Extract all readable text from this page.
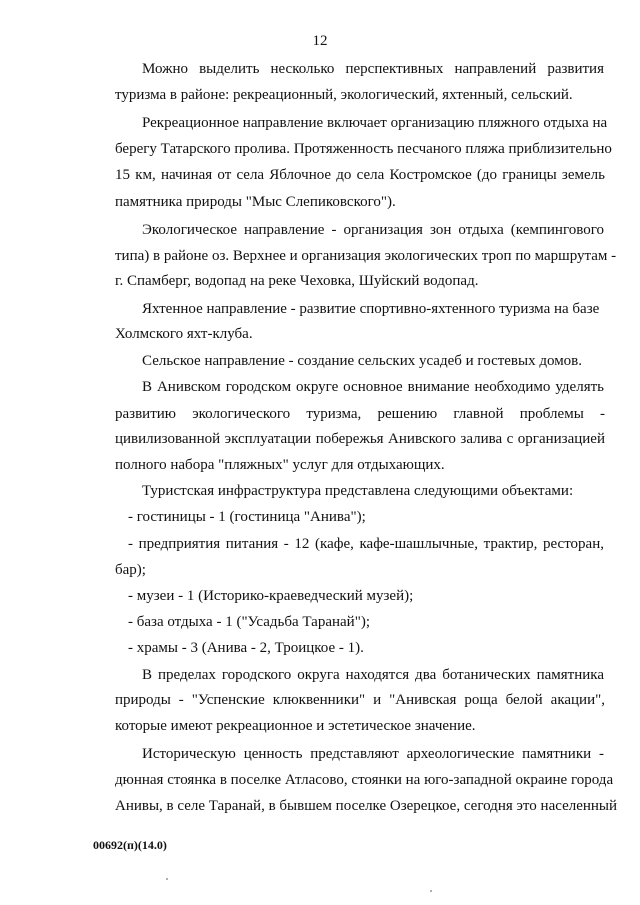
12
Можно выделить несколько перспективных направлений развития
туризма в районе: рекреационный, экологический, яхтенный, сельский.
Рекреационное направление включает организацию пляжного отдыха на
берегу Татарского пролива. Протяженность песчаного пляжа приблизительно
15 км, начиная от села Яблочное до села Костромское (до границы земель
памятника природы "Мыс Слепиковского").
Экологическое направление - организация зон отдыха (кемпингового
типа) в районе оз. Верхнее и организация экологических троп по маршрутам -
г. Спамберг, водопад на реке Чеховка, Шуйский водопад.
Яхтенное направление - развитие спортивно-яхтенного туризма на базе
Холмского яхт-клуба.
Сельское направление - создание сельских усадеб и гостевых домов.
В Анивском городском округе основное внимание необходимо уделять
развитию экологического туризма, решению главной проблемы -
цивилизованной эксплуатации побережья Анивского залива с организацией
полного набора "пляжных" услуг для отдыхающих.
Туристская инфраструктура представлена следующими объектами:
- гостиницы - 1 (гостиница "Анива");
- предприятия питания - 12 (кафе, кафе-шашлычные, трактир, ресторан,
бар);
- музеи - 1 (Историко-краеведческий музей);
- база отдыха - 1 ("Усадьба Таранай");
- храмы - 3 (Анива - 2, Троицкое - 1).
В пределах городского округа находятся два ботанических памятника
природы - "Успенские клюквенники" и "Анивская роща белой акации",
которые имеют рекреационное и эстетическое значение.
Историческую ценность представляют археологические памятники -
дюнная стоянка в поселке Атласово, стоянки на юго-западной окраине города
Анивы, в селе Таранай, в бывшем поселке Озерецкое, сегодня это населенный
00692(п)(14.0)
